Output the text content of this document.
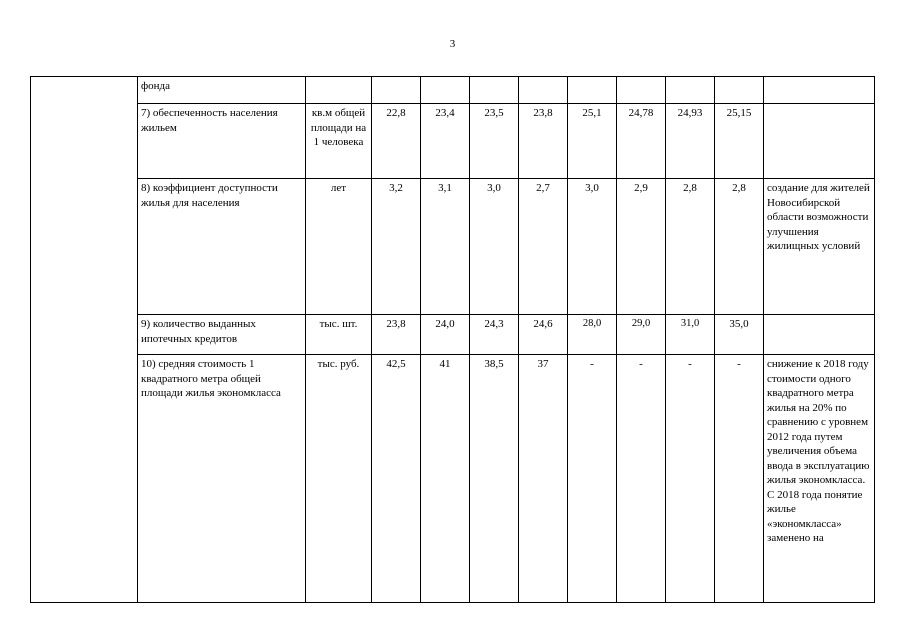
3
	фонда										
	7) обеспеченность населения жильем	кв.м общей площади на 1 человека	22,8	23,4	23,5	23,8	25,1	24,78	24,93	25,15	
	8) коэффициент доступности жилья для населения	лет	3,2	3,1	3,0	2,7	3,0	2,9	2,8	2,8	создание для жителей Новосибирской области возможности улучшения жилищных условий
	9) количество выданных ипотечных кредитов	тыс. шт.	23,8	24,0	24,3	24,6	28,0	29,0	31,0	35,0	
	10) средняя стоимость 1 квадратного метра общей площади жилья экономкласса	тыс. руб.	42,5	41	38,5	37	-	-	-	-	снижение к 2018 году стоимости одного квадратного метра жилья на 20% по сравнению с уровнем 2012 года путем увеличения объема ввода в эксплуатацию жилья экономкласса. С 2018 года понятие жилье «экономкласса» заменено на
